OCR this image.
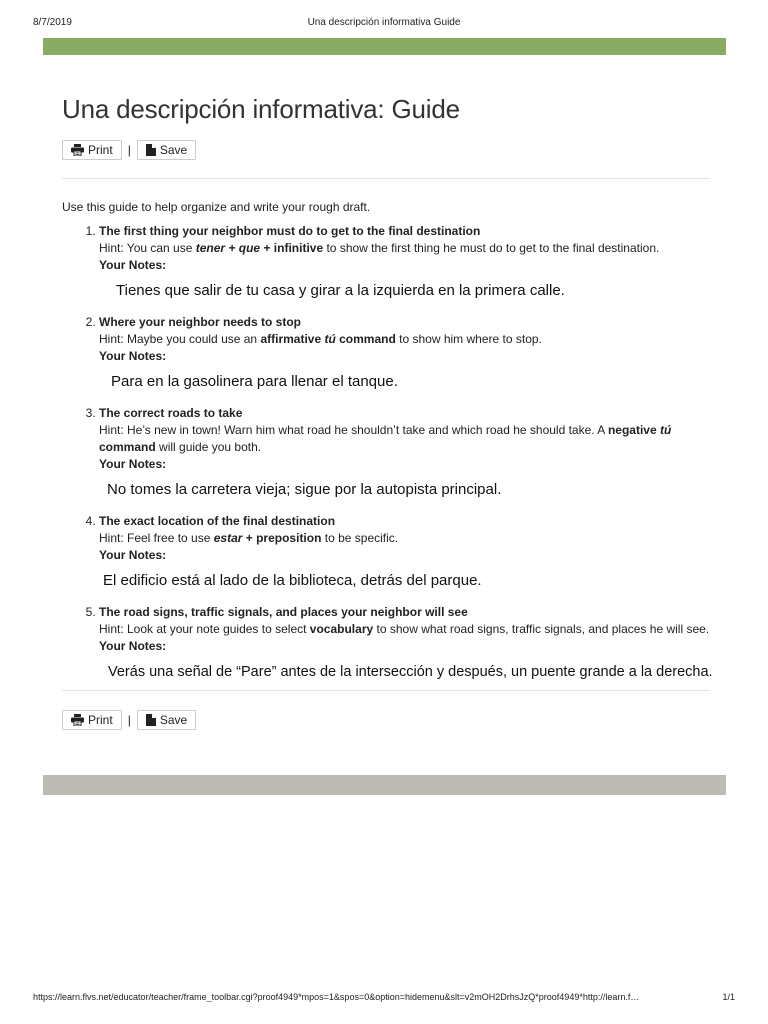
8/7/2019	Una descripción informativa Guide
Una descripción informativa: Guide
Print | Save
Use this guide to help organize and write your rough draft.
1. The first thing your neighbor must do to get to the final destination
Hint: You can use tener + que + infinitive to show the first thing he must do to get to the final destination.
Your Notes:

Tienes que salir de tu casa y girar a la izquierda en la primera calle.

2. Where your neighbor needs to stop
Hint: Maybe you could use an affirmative tú command to show him where to stop.
Your Notes:

Para en la gasolinera para llenar el tanque.

3. The correct roads to take
Hint: He’s new in town! Warn him what road he shouldn’t take and which road he should take. A negative tú command will guide you both.
Your Notes:

No tomes la carretera vieja; sigue por la autopista principal.

4. The exact location of the final destination
Hint: Feel free to use estar + preposition to be specific.
Your Notes:

El edificio está al lado de la biblioteca, detrás del parque.

5. The road signs, traffic signals, and places your neighbor will see
Hint: Look at your note guides to select vocabulary to show what road signs, traffic signals, and places he will see.
Your Notes:

Verás una señal de “Pare” antes de la intersección y después, un puente grande a la derecha.

Print | Save
https://learn.flvs.net/educator/teacher/frame_toolbar.cgi?proof4949*mpos=1&spos=0&option=hidemenu&slt=v2mOH2DrhsJzQ*proof4949*http://learn.f…	1/1
